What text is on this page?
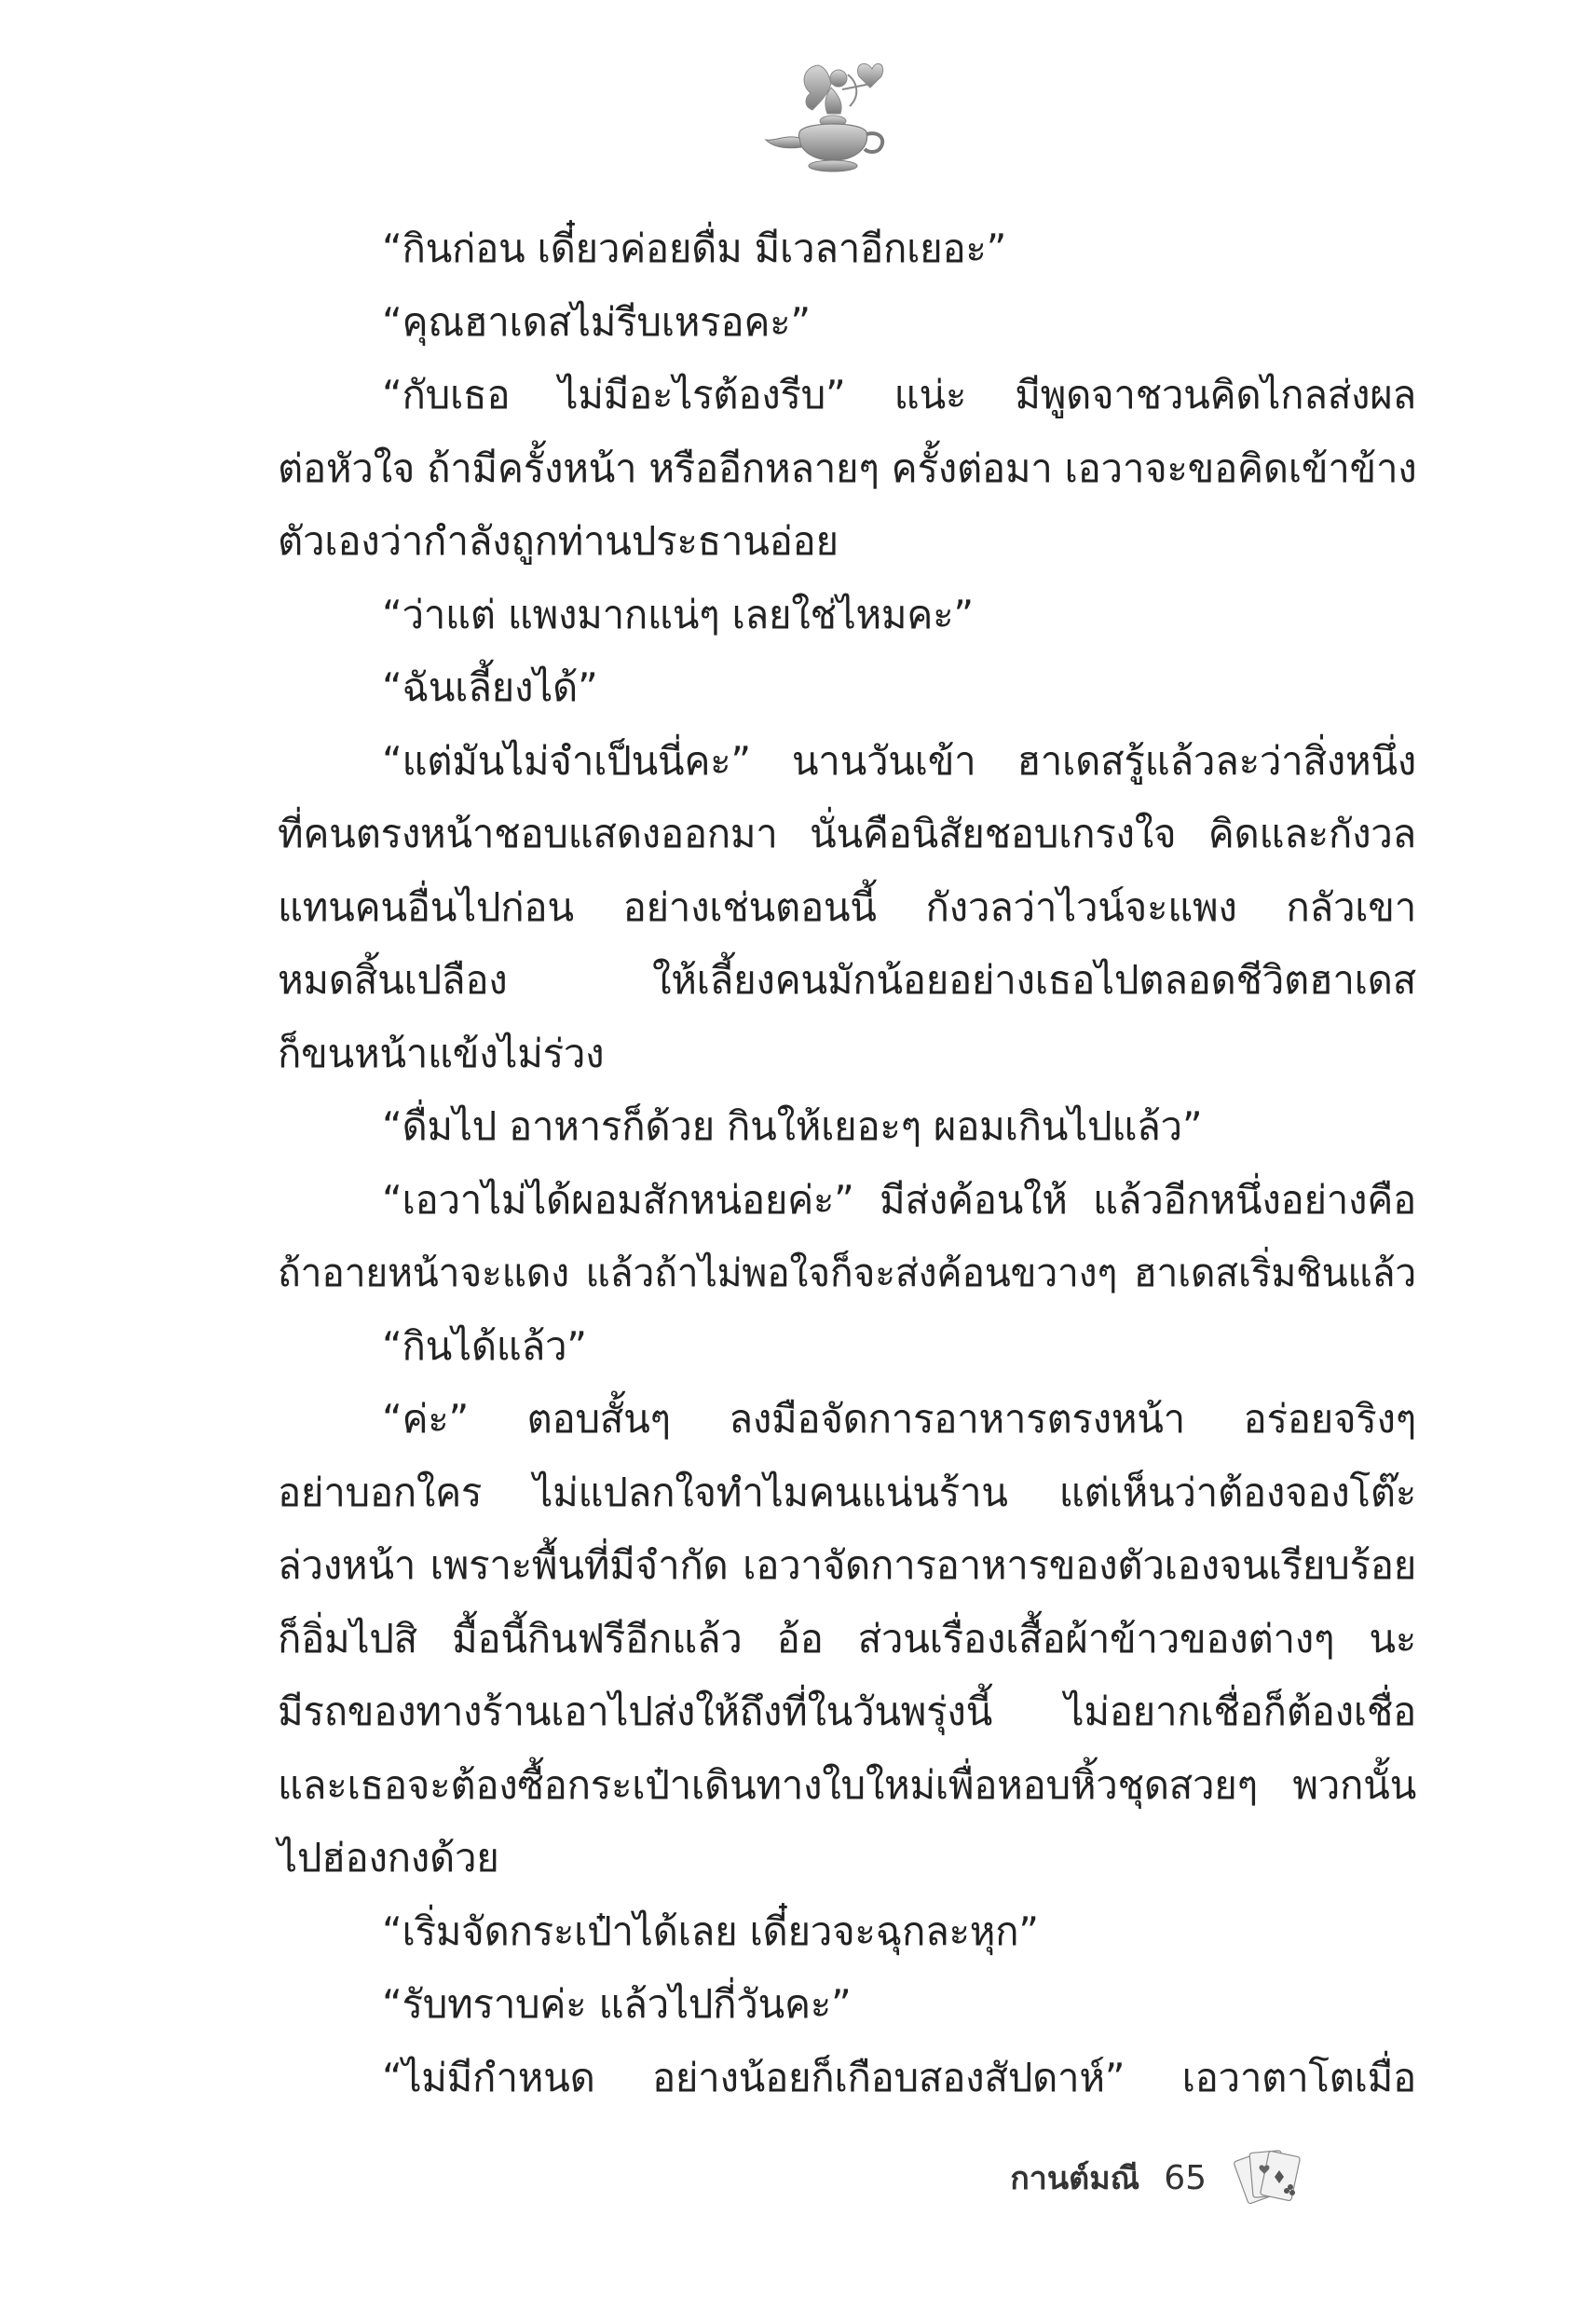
“กินก่อน เดี๋ยวค่อยดื่ม มีเวลาอีกเยอะ”
“คุณฮาเดสไม่รีบเหรอคะ”
“กับเธอ ไม่มีอะไรต้องรีบ” แน่ะ มีพูดจาชวนคิดไกลส่งผล
ต่อหัวใจ ถ้ามีครั้งหน้า หรืออีกหลายๆ ครั้งต่อมา เอวาจะขอคิดเข้าข้าง
ตัวเองว่ากำลังถูกท่านประธานอ่อย
“ว่าแต่ แพงมากแน่ๆ เลยใช่ไหมคะ”
“ฉันเลี้ยงได้”
“แต่มันไม่จำเป็นนี่คะ” นานวันเข้า ฮาเดสรู้แล้วละว่าสิ่งหนึ่ง
ที่คนตรงหน้าชอบแสดงออกมา นั่นคือนิสัยชอบเกรงใจ คิดและกังวล
แทนคนอื่นไปก่อน อย่างเช่นตอนนี้ กังวลว่าไวน์จะแพง กลัวเขา
หมดสิ้นเปลือง ให้เลี้ยงคนมักน้อยอย่างเธอไปตลอดชีวิตฮาเดส
ก็ขนหน้าแข้งไม่ร่วง
“ดื่มไป อาหารก็ด้วย กินให้เยอะๆ ผอมเกินไปแล้ว”
“เอวาไม่ได้ผอมสักหน่อยค่ะ” มีส่งค้อนให้ แล้วอีกหนึ่งอย่างคือ
ถ้าอายหน้าจะแดง แล้วถ้าไม่พอใจก็จะส่งค้อนขวางๆ ฮาเดสเริ่มชินแล้ว
“กินได้แล้ว”
“ค่ะ” ตอบสั้นๆ ลงมือจัดการอาหารตรงหน้า อร่อยจริงๆ
อย่าบอกใคร ไม่แปลกใจทำไมคนแน่นร้าน แต่เห็นว่าต้องจองโต๊ะ
ล่วงหน้า เพราะพื้นที่มีจำกัด เอวาจัดการอาหารของตัวเองจนเรียบร้อย
ก็อิ่มไปสิ มื้อนี้กินฟรีอีกแล้ว อ้อ ส่วนเรื่องเสื้อผ้าข้าวของต่างๆ นะ
มีรถของทางร้านเอาไปส่งให้ถึงที่ในวันพรุ่งนี้ ไม่อยากเชื่อก็ต้องเชื่อ
และเธอจะต้องซื้อกระเป๋าเดินทางใบใหม่เพื่อหอบหิ้วชุดสวยๆ พวกนั้น
ไปฮ่องกงด้วย
“เริ่มจัดกระเป๋าได้เลย เดี๋ยวจะฉุกละหุก”
“รับทราบค่ะ แล้วไปกี่วันคะ”
“ไม่มีกำหนด อย่างน้อยก็เกือบสองสัปดาห์” เอวาตาโตเมื่อ
กานต์มณี 65
